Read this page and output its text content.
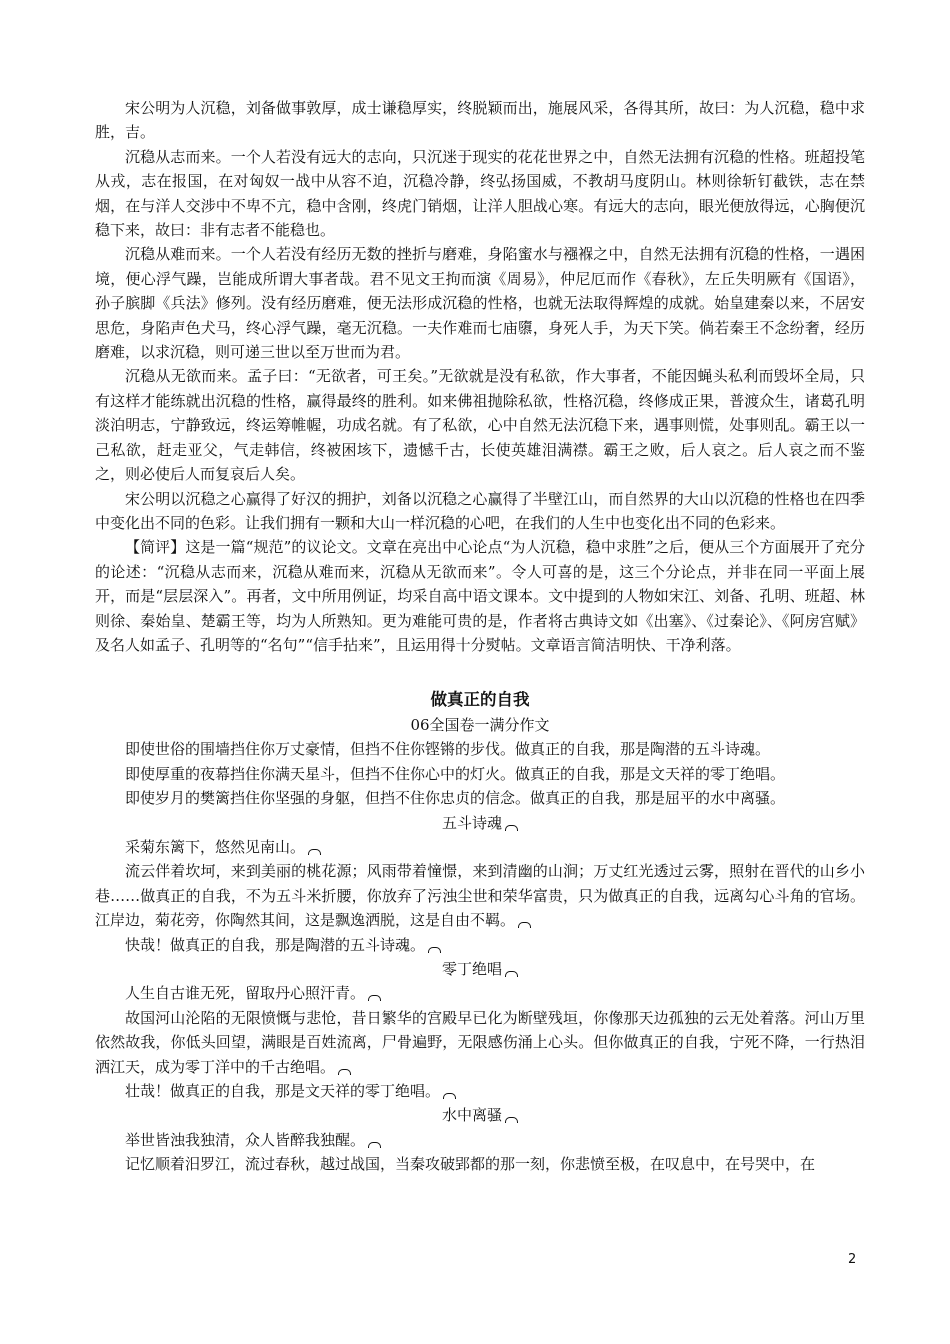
宋公明为人沉稳，刘备做事敦厚，成士谦稳厚实，终脱颖而出，施展风采，各得其所，故曰：为人沉稳，稳中求胜，吉。

沉稳从志而来。一个人若没有远大的志向，只沉迷于现实的花花世界之中，自然无法拥有沉稳的性格。班超投笔从戎，志在报国，在对匈奴一战中从容不迫，沉稳冷静，终弘扬国威，不教胡马度阴山。林则徐斩钉截铁，志在禁烟，在与洋人交涉中不卑不亢，稳中含刚，终虎门销烟，让洋人胆战心寒。有远大的志向，眼光便放得远，心胸便沉稳下来，故曰：非有志者不能稳也。

沉稳从难而来。一个人若没有经历无数的挫折与磨难，身陷蜜水与襁褓之中，自然无法拥有沉稳的性格，一遇困境，便心浮气躁，岂能成所谓大事者哉。君不见文王拘而演《周易》，仲尼厄而作《春秋》，左丘失明厥有《国语》，孙子膑脚《兵法》修列。没有经历磨难，便无法形成沉稳的性格，也就无法取得辉煌的成就。始皇建秦以来，不居安思危，身陷声色犬马，终心浮气躁，毫无沉稳。一夫作难而七庙隳，身死人手，为天下笑。倘若秦王不念纷奢，经历磨难，以求沉稳，则可递三世以至万世而为君。

沉稳从无欲而来。孟子曰：“无欲者，可王矣。”无欲就是没有私欲，作大事者，不能因蝇头私利而毁坏全局，只有这样才能练就出沉稳的性格，赢得最终的胜利。如来佛祖抛除私欲，性格沉稳，终修成正果，普渡众生，诸葛孔明淡泊明志，宁静致远，终运筹帷幄，功成名就。有了私欲，心中自然无法沉稳下来，遇事则慌，处事则乱。霸王以一己私欲，赶走亚父，气走韩信，终被困垓下，遗憾千古，长使英雄泪满襟。霸王之败，后人哀之。后人哀之而不鉴之，则必使后人而复哀后人矣。

宋公明以沉稳之心赢得了好汉的拥护，刘备以沉稳之心赢得了半壁江山，而自然界的大山以沉稳的性格也在四季中变化出不同的色彩。让我们拥有一颗和大山一样沉稳的心吧，在我们的人生中也变化出不同的色彩来。

【简评】这是一篇“规范”的议论文。文章在亮出中心论点“为人沉稳，稳中求胜”之后，便从三个方面展开了充分的论述：“沉稳从志而来，沉稳从难而来，沉稳从无欲而来”。令人可喜的是，这三个分论点，并非在同一平面上展开，而是“层层深入”。再者，文中所用例证，均采自高中语文课本。文中提到的人物如宋江、刘备、孔明、班超、林则徐、秦始皇、楚霸王等，均为人所熟知。更为难能可贵的是，作者将古典诗文如《出塞》、《过秦论》、《阿房宫赋》及名人如孟子、孔明等的“名句”“信手拈来”，且运用得十分熨帖。文章语言简洁明快、干净利落。

做真正的自我

06全国卷一满分作文

即使世俗的围墙挡住你万丈豪情，但挡不住你铿锵的步伐。做真正的自我，那是陶潜的五斗诗魂。

即使厚重的夜幕挡住你满天星斗，但挡不住你心中的灯火。做真正的自我，那是文天祥的零丁绝唱。

即使岁月的樊篱挡住你坚强的身躯，但挡不住你忠贞的信念。做真正的自我，那是屈平的水中离骚。

五斗诗魂

采菊东篱下，悠然见南山。

流云伴着坎坷，来到美丽的桃花源；风雨带着憧憬，来到清幽的山涧；万丈红光透过云雾，照射在晋代的山乡小巷……做真正的自我，不为五斗米折腰，你放弃了污浊尘世和荣华富贵，只为做真正的自我，远离勾心斗角的官场。江岸边，菊花旁，你陶然其间，这是飘逸洒脱，这是自由不羁。

快哉！做真正的自我，那是陶潜的五斗诗魂。

零丁绝唱

人生自古谁无死，留取丹心照汗青。

故国河山沦陷的无限愤慨与悲怆，昔日繁华的宫殿早已化为断壁残垣，你像那天边孤独的云无处着落。河山万里依然故我，你低头回望，满眼是百姓流离，尸骨遍野，无限感伤涌上心头。但你做真正的自我，宁死不降，一行热泪洒江天，成为零丁洋中的千古绝唱。

壮哉！做真正的自我，那是文天祥的零丁绝唱。

水中离骚

举世皆浊我独清，众人皆醉我独醒。

记忆顺着汨罗江，流过春秋，越过战国，当秦攻破郢都的那一刻，你悲愤至极，在叹息中，在号哭中，在

2
